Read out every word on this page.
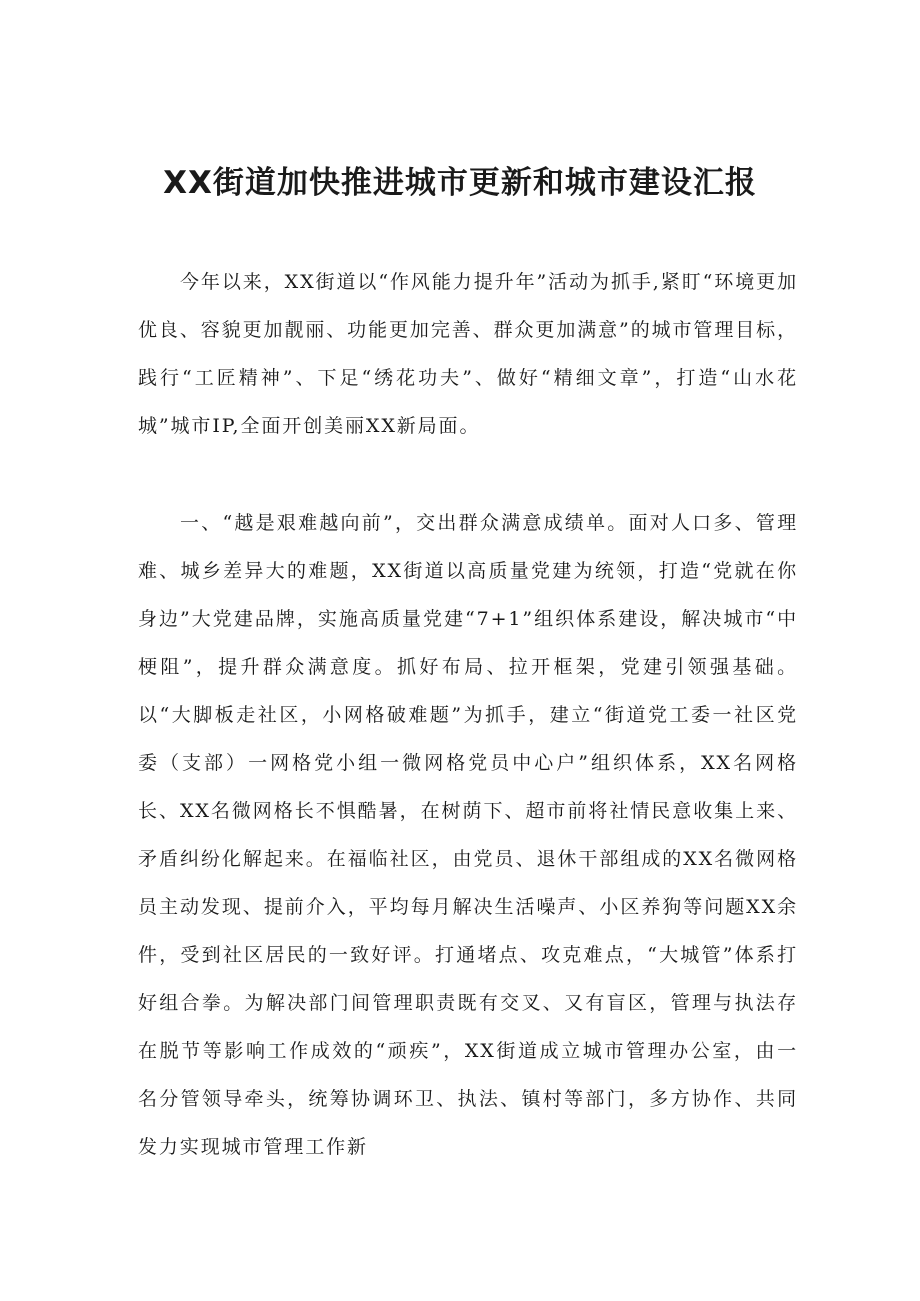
XX街道加快推进城市更新和城市建设汇报

今年以来，XX街道以“作风能力提升年”活动为抓手,紧盯“环境更加优良、容貌更加靓丽、功能更加完善、群众更加满意”的城市管理目标，践行“工匠精神”、下足“绣花功夫”、做好“精细文章”，打造“山水花城”城市IP,全面开创美丽XX新局面。

一、“越是艰难越向前”，交出群众满意成绩单。面对人口多、管理难、城乡差异大的难题，XX街道以高质量党建为统领，打造“党就在你身边”大党建品牌，实施高质量党建“7+1”组织体系建设，解决城市“中梗阻”，提升群众满意度。抓好布局、拉开框架，党建引领强基础。以“大脚板走社区，小网格破难题”为抓手，建立“街道党工委一社区党委（支部）一网格党小组一微网格党员中心户”组织体系，XX名网格长、XX名微网格长不惧酷暑，在树荫下、超市前将社情民意收集上来、矛盾纠纷化解起来。在福临社区，由党员、退休干部组成的XX名微网格员主动发现、提前介入，平均每月解决生活噪声、小区养狗等问题XX余件，受到社区居民的一致好评。打通堵点、攻克难点，“大城管”体系打好组合拳。为解决部门间管理职责既有交叉、又有盲区，管理与执法存在脱节等影响工作成效的“顽疾”，XX街道成立城市管理办公室，由一名分管领导牵头，统筹协调环卫、执法、镇村等部门，多方协作、共同发力实现城市管理工作新
